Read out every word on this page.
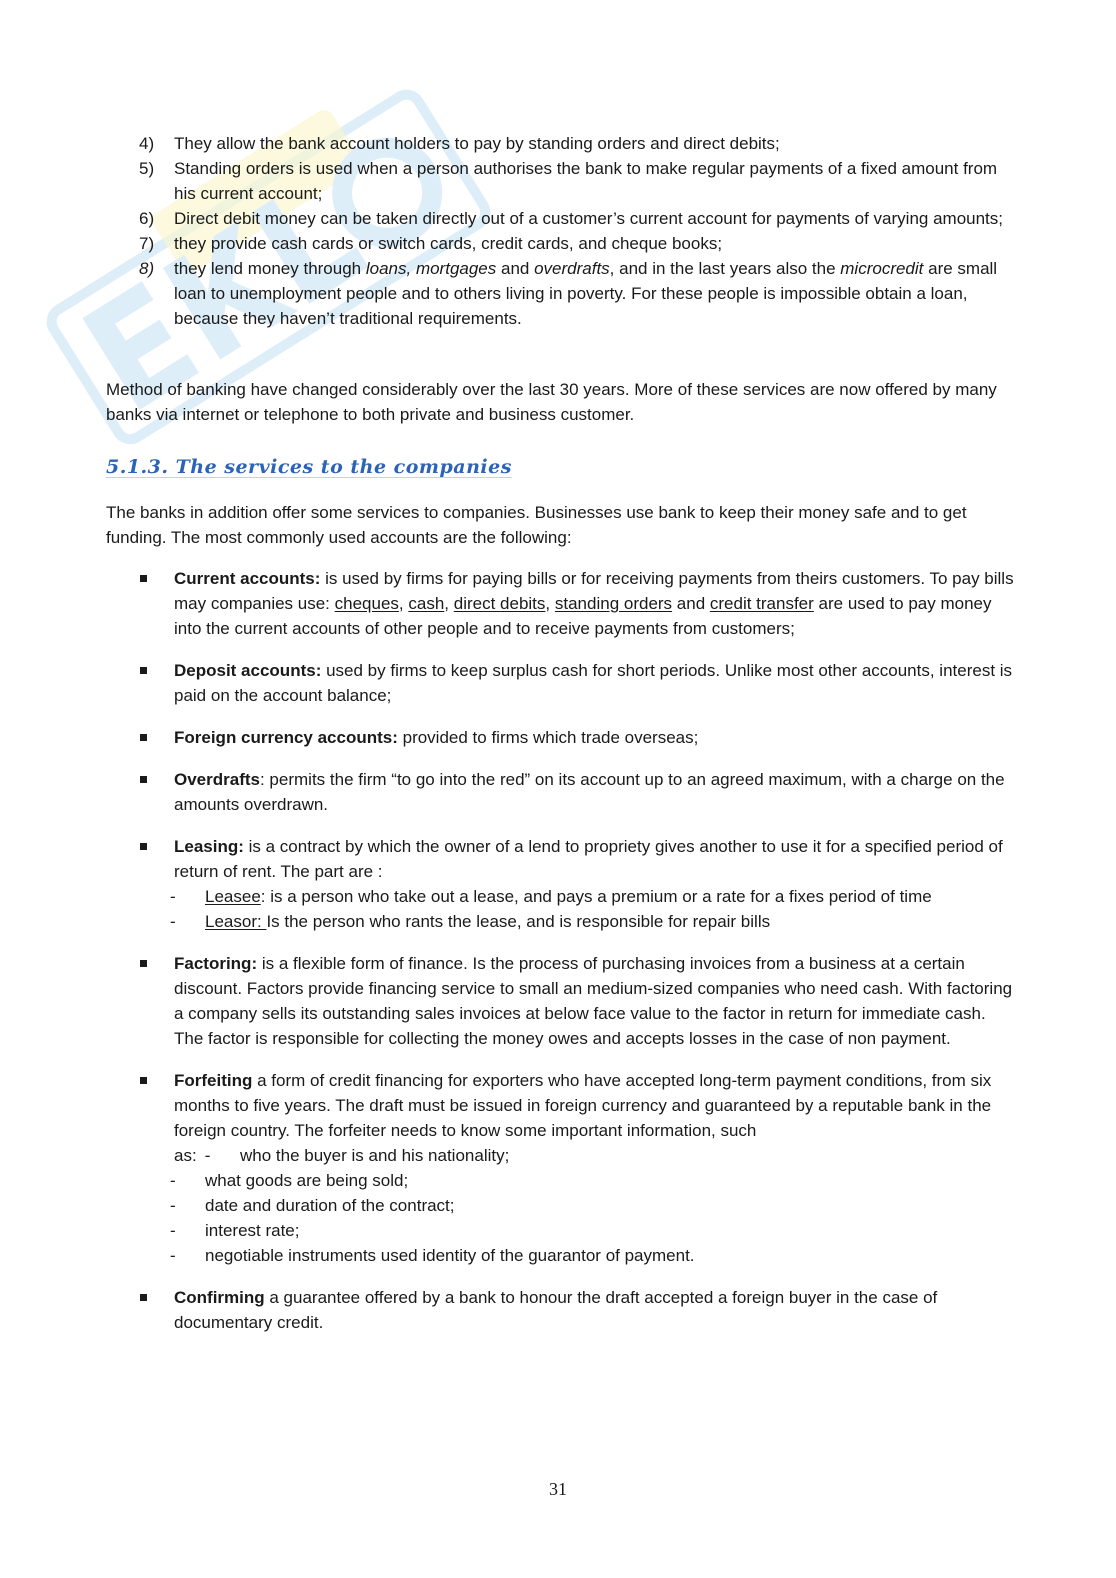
4) They allow the bank account holders to pay by standing orders and direct debits;
5) Standing orders is used when a person authorises the bank to make regular payments of a fixed amount from his current account;
6) Direct debit money can be taken directly out of a customer’s current account for payments of varying amounts;
7) they provide cash cards or switch cards, credit cards, and cheque books;
8) they lend money through loans, mortgages and overdrafts, and in the last years also the microcredit are small loan to unemployment people and to others living in poverty. For these people is impossible obtain a loan, because they haven’t traditional requirements.

Method of banking have changed considerably over the last 30 years. More of these services are now offered by many banks via internet or telephone to both private and business customer.

5.1.3. The services to the companies

The banks in addition offer some services to companies. Businesses use bank to keep their money safe and to get funding. The most commonly used accounts are the following:

Current accounts: is used by firms for paying bills or for receiving payments from theirs customers. To pay bills may companies use: cheques, cash, direct debits, standing orders and credit transfer are used to pay money into the current accounts of other people and to receive payments from customers;
Deposit accounts: used by firms to keep surplus cash for short periods. Unlike most other accounts, interest is paid on the account balance;
Foreign currency accounts: provided to firms which trade overseas;
Overdrafts: permits the firm “to go into the red” on its account up to an agreed maximum, with a charge on the amounts overdrawn.
Leasing: is a contract by which the owner of a lend to propriety gives another to use it for a specified period of return of rent. The part are :
- Leasee: is a person who take out a lease, and pays a premium or a rate for a fixes period of time
- Leasor: Is the person who rants the lease, and is responsible for repair bills
Factoring: is a flexible form of finance. Is the process of purchasing invoices from a business at a certain discount. Factors provide financing service to small an medium-sized companies who need cash. With factoring a company sells its outstanding sales invoices at below face value to the factor in return for immediate cash.
The factor is responsible for collecting the money owes and accepts losses in the case of non payment.
Forfeiting a form of credit financing for exporters who have accepted long-term payment conditions, from six months to five years. The draft must be issued in foreign currency and guaranteed by a reputable bank in the foreign country. The forfeiter needs to know some important information, such
as: - who the buyer is and his nationality;
- what goods are being sold;
- date and duration of the contract;
- interest rate;
- negotiable instruments used identity of the guarantor of payment.
Confirming a guarantee offered by a bank to honour the draft accepted a foreign buyer in the case of documentary credit.
31
